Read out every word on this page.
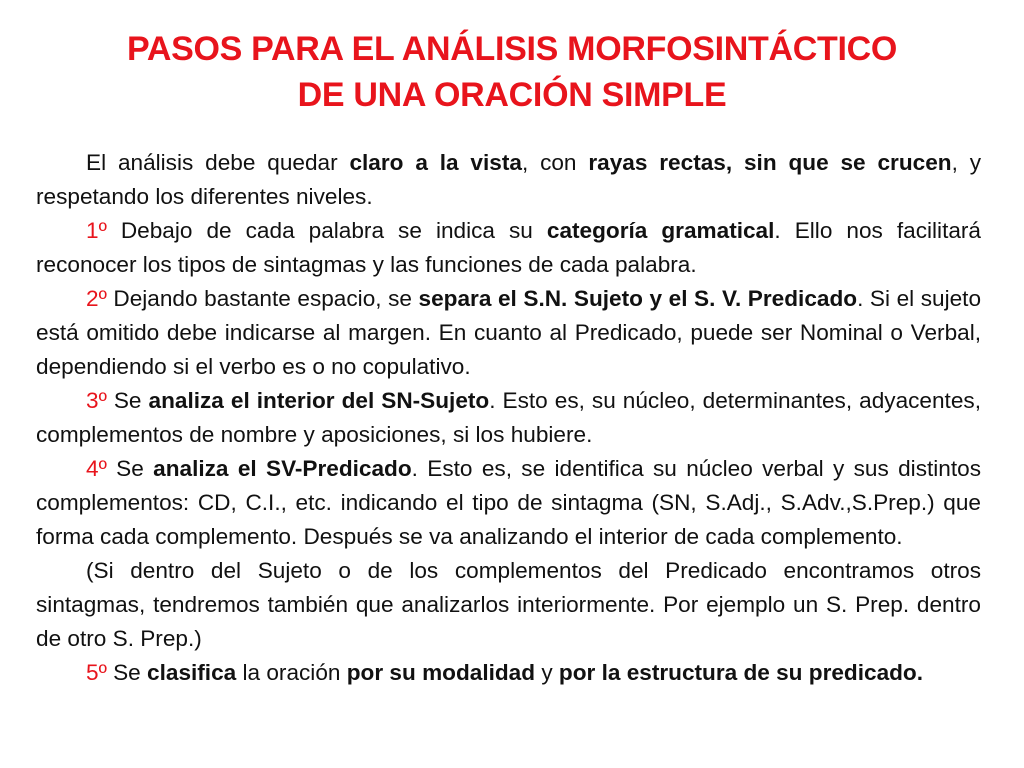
PASOS PARA EL ANÁLISIS MORFOSINTÁCTICO
DE UNA ORACIÓN SIMPLE

El análisis debe quedar claro a la vista, con rayas rectas, sin que se crucen, y respetando los diferentes niveles.

1º Debajo de cada palabra se indica su categoría gramatical. Ello nos facilitará reconocer los tipos de sintagmas y las funciones de cada palabra.

2º Dejando bastante espacio, se separa el S.N. Sujeto y el S. V. Predicado. Si el sujeto está omitido debe indicarse al margen. En cuanto al Predicado, puede ser Nominal o Verbal, dependiendo si el verbo es o no copulativo.

3º Se analiza el interior del SN-Sujeto. Esto es, su núcleo, determinantes, adyacentes, complementos de nombre y aposiciones, si los hubiere.

4º Se analiza el SV-Predicado. Esto es, se identifica su núcleo verbal y sus distintos complementos: CD, C.I., etc. indicando el tipo de sintagma (SN, S.Adj., S.Adv.,S.Prep.) que forma cada complemento. Después se va analizando el interior de cada complemento.

(Si dentro del Sujeto o de los complementos del Predicado encontramos otros sintagmas, tendremos también que analizarlos interiormente. Por ejemplo un S. Prep. dentro de otro S. Prep.)

5º Se clasifica la oración por su modalidad y por la estructura de su predicado.
